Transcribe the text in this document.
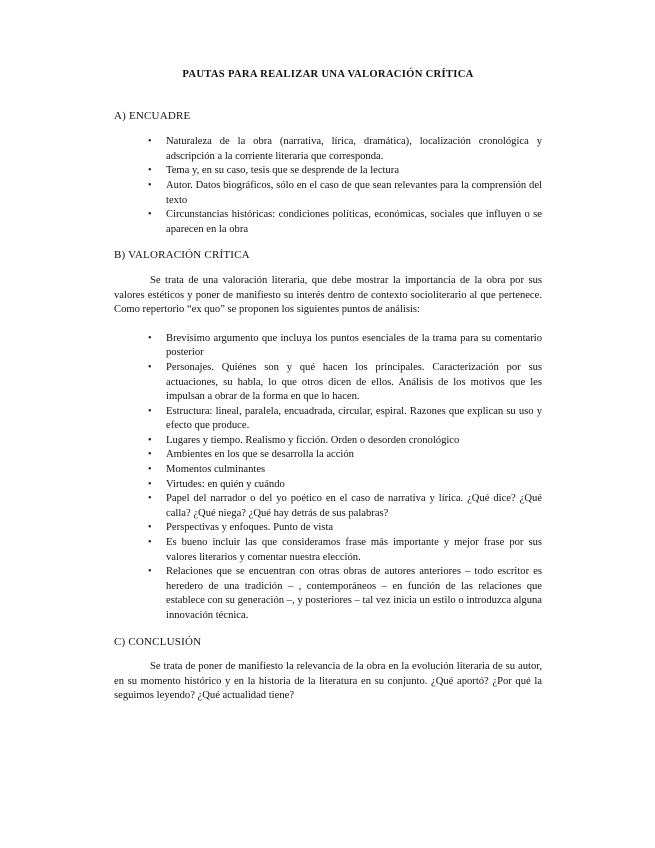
PAUTAS PARA REALIZAR UNA VALORACIÓN CRÍTICA
A) ENCUADRE
• Naturaleza de la obra (narrativa, lírica, dramática), localización cronológica y adscripción a la corriente literaria que corresponda.
• Tema y, en su caso, tesis que se desprende de la lectura
• Autor. Datos biográficos, sólo en el caso de que sean relevantes para la comprensión del texto
• Circunstancias históricas: condiciones políticas, económicas, sociales que influyen o se aparecen en la obra
B) VALORACIÓN CRÍTICA

Se trata de una valoración literaria, que debe mostrar la importancia de la obra por sus valores estéticos y poner de manifiesto su interés dentro de contexto socioliterario al que pertenece. Como repertorio “ex quo” se proponen los siguientes puntos de análisis:

• Brevísimo argumento que incluya los puntos esenciales de la trama para su comentario posterior
• Personajes. Quiénes son y qué hacen los principales. Caracterización por sus actuaciones, su habla, lo que otros dicen de ellos. Análisis de los motivos que les impulsan a obrar de la forma en que lo hacen.
• Estructura: lineal, paralela, encuadrada, circular, espiral. Razones que explican su uso y efecto que produce.
• Lugares y tiempo. Realismo y ficción. Orden o desorden cronológico
• Ambientes en los que se desarrolla la acción
• Momentos culminantes
• Virtudes: en quién y cuándo
• Papel del narrador o del yo poético en el caso de narrativa y lírica. ¿Qué dice? ¿Qué calla? ¿Qué niega? ¿Qué hay detrás de sus palabras?
• Perspectivas y enfoques. Punto de vista
• Es bueno incluir las que consideramos frase más importante y mejor frase por sus valores literarios y comentar nuestra elección.
• Relaciones que se encuentran con otras obras de autores anteriores – todo escritor es heredero de una tradición – , contemporáneos – en función de las relaciones que establece con su generación –, y posteriores – tal vez inicia un estilo o introduzca alguna innovación técnica.
C) CONCLUSIÓN

Se trata de poner de manifiesto la relevancia de la obra en la evolución literaria de su autor, en su momento histórico y en la historia de la literatura en su conjunto. ¿Qué aportó? ¿Por qué la seguimos leyendo? ¿Qué actualidad tiene?
